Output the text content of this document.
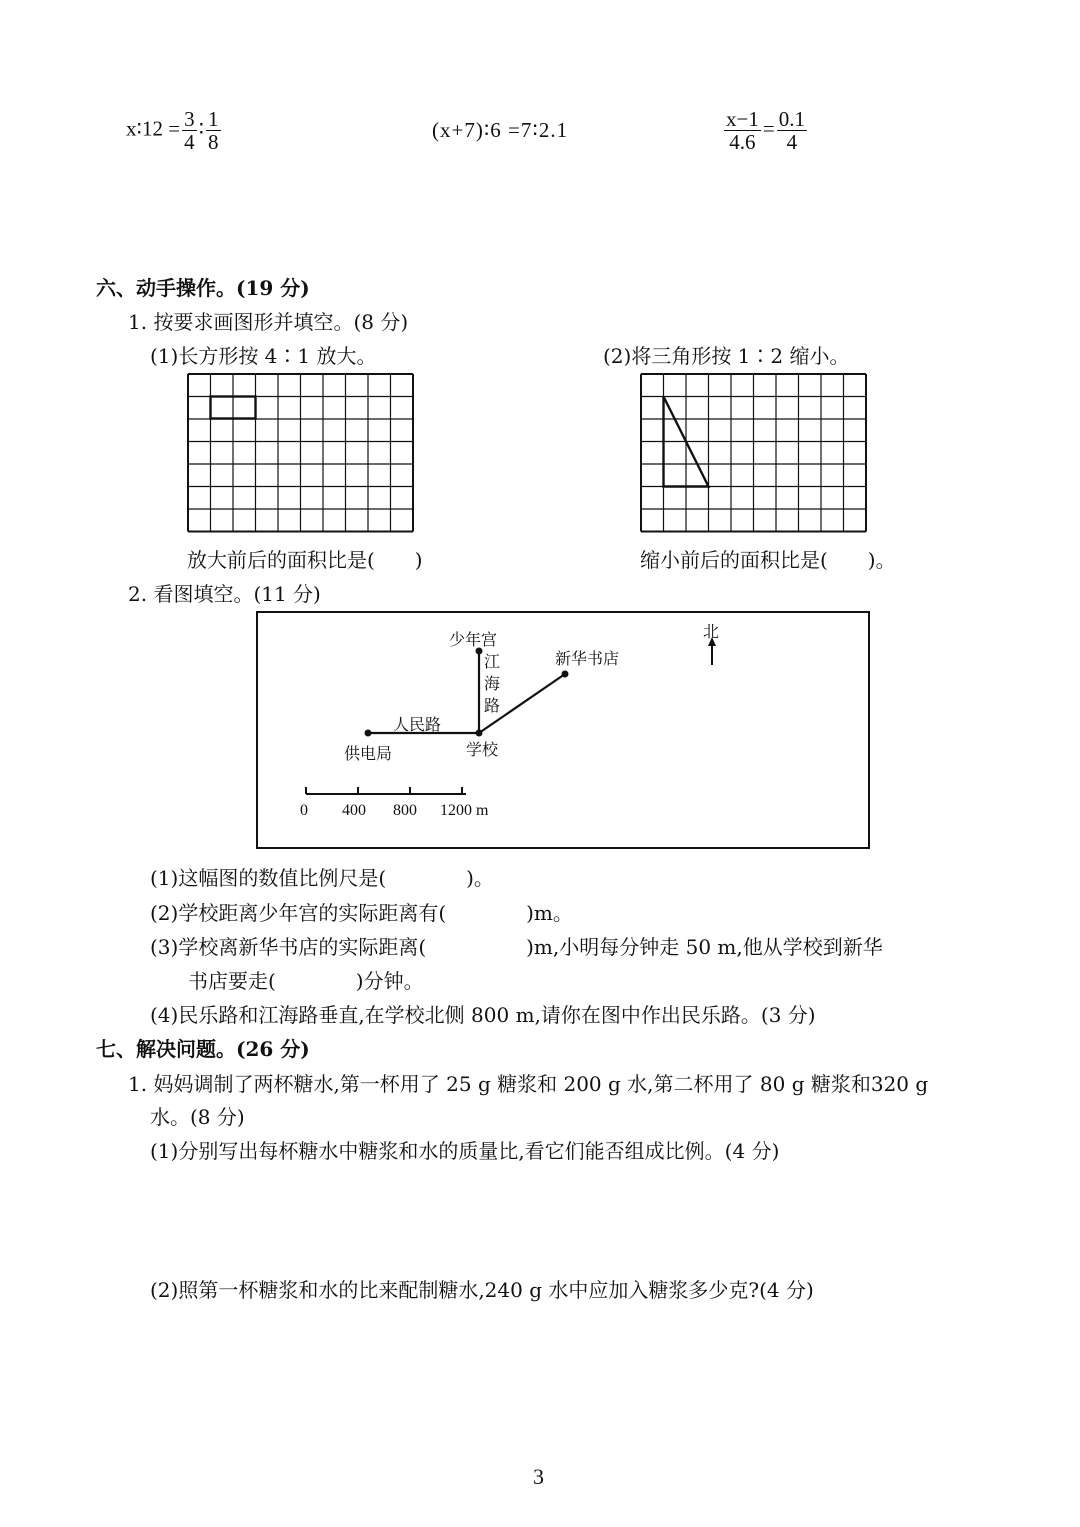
x∶12 = $\frac{3}{4}$ ∶ $\frac{1}{8}$	(x+7)∶6 =7∶2.1	$\frac{x-1}{4.6} = \frac{0.1}{4}$
六、动手操作。(19 分)
1. 按要求画图形并填空。(8 分)
(1)长方形按 4∶1 放大。	(2)将三角形按 1∶2 缩小。
放大前后的面积比是(　　)	缩小前后的面积比是(　　)。
2. 看图填空。(11 分)
北
少年宫
江
海
路
新华书店
人民路
供电局	学校
0 400 800 1200 m
(1)这幅图的数值比例尺是(　　　　)。
(2)学校距离少年宫的实际距离有(　　　　)m。
(3)学校离新华书店的实际距离(　　　　　)m,小明每分钟走 50 m,他从学校到新华
书店要走(　　　　)分钟。
(4)民乐路和江海路垂直,在学校北侧 800 m,请你在图中作出民乐路。(3 分)
七、解决问题。(26 分)
1. 妈妈调制了两杯糖水,第一杯用了 25 g 糖浆和 200 g 水,第二杯用了 80 g 糖浆和320 g
水。(8 分)
(1)分别写出每杯糖水中糖浆和水的质量比,看它们能否组成比例。(4 分)
(2)照第一杯糖浆和水的比来配制糖水,240 g 水中应加入糖浆多少克?(4 分)
3
